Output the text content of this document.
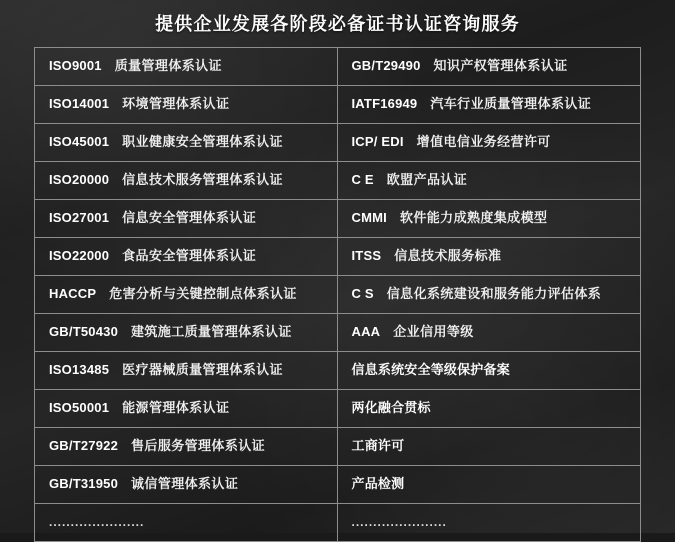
提供企业发展各阶段必备证书认证咨询服务
ISO9001 质量管理体系认证	GB/T29490 知识产权管理体系认证
ISO14001 环境管理体系认证	IATF16949 汽车行业质量管理体系认证
ISO45001 职业健康安全管理体系认证	ICP/ EDI 增值电信业务经营许可
ISO20000 信息技术服务管理体系认证	C E 欧盟产品认证
ISO27001 信息安全管理体系认证	CMMI 软件能力成熟度集成模型
ISO22000 食品安全管理体系认证	ITSS 信息技术服务标准
HACCP 危害分析与关键控制点体系认证	C S 信息化系统建设和服务能力评估体系
GB/T50430 建筑施工质量管理体系认证	AAA 企业信用等级
ISO13485 医疗器械质量管理体系认证	信息系统安全等级保护备案
ISO50001 能源管理体系认证	两化融合贯标
GB/T27922 售后服务管理体系认证	工商许可
GB/T31950 诚信管理体系认证	产品检测
......................	......................
